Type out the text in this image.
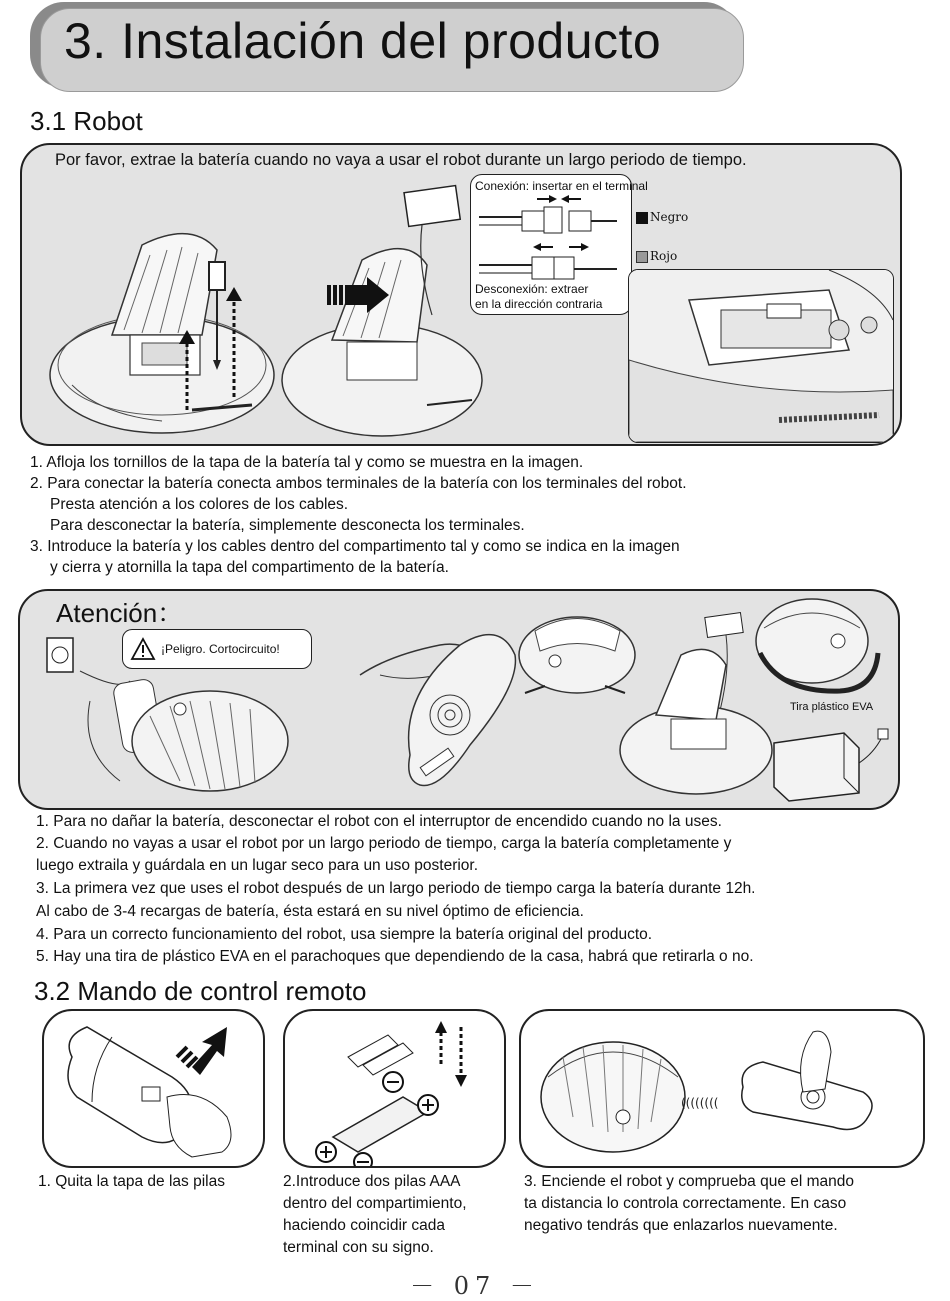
3. Instalación del producto
3.1 Robot
Por favor, extrae la batería cuando no vaya a usar el robot durante un largo periodo de tiempo.
Conexión: insertar en el terminal
Desconexión: extraer
en la dirección contraria
Negro
Rojo
1. Afloja los tornillos de la tapa de la batería tal y como se muestra en la imagen.
2. Para conectar la batería conecta ambos terminales de la batería con los terminales del robot.
Presta atención a los colores de los cables.
Para desconectar la batería, simplemente desconecta los terminales.
3. Introduce la batería y los cables dentro del compartimento tal y como se indica en la imagen
y cierra y atornilla la tapa del compartimento de la batería.
Atención：
¡Peligro. Cortocircuito!
Tira plástico EVA
1. Para no dañar la batería, desconectar el robot con el interruptor de encendido cuando no la uses.
2. Cuando no vayas a usar el robot por un largo periodo de tiempo, carga la batería completamente y
luego extraila y guárdala en un lugar seco para un uso posterior.
3. La primera vez que uses el robot después de un largo periodo de tiempo carga la batería durante 12h.
Al cabo de 3-4 recargas de batería, ésta estará en su nivel óptimo de eficiencia.
4. Para un correcto funcionamiento del robot, usa siempre la batería original del producto.
5. Hay una tira de plástico EVA en el parachoques que dependiendo de la casa, habrá que retirarla o no.
3.2 Mando de control remoto
((((((((
1. Quita la tapa de las pilas	2.Introduce dos pilas AAA
dentro del compartimiento,
haciendo coincidir cada
terminal con su signo.
3. Enciende el robot y comprueba que el mando
ta distancia lo controla correctamente. En caso
negativo tendrás que enlazarlos nuevamente.
－ 07 －
